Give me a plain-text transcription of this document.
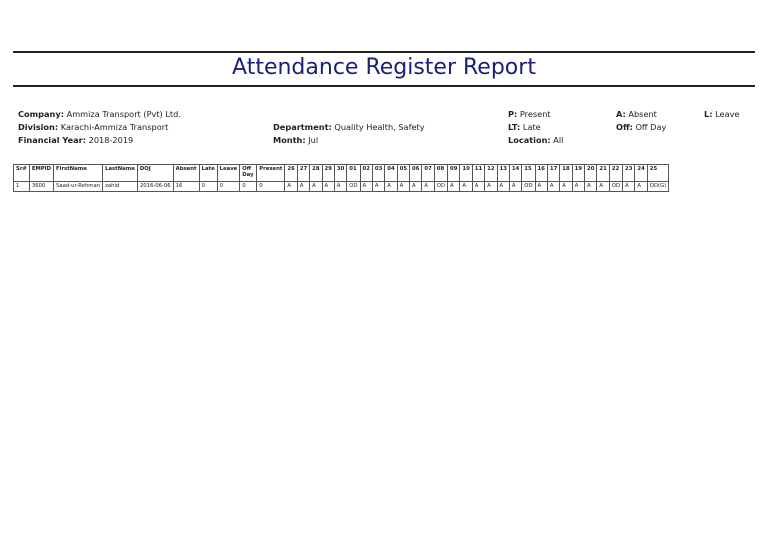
Attendance Register Report
Company: Ammiza Transport (Pvt) Ltd.
Division: Karachi-Ammiza Transport
Financial Year: 2018-2019
Department: Quality Health, Safety
Month: Jul
P: Present	A: Absent	L: Leave
LT: Late	Off: Off Day
Location: All
Sr#	EMPID	FirstName	LastName	DOJ	Absent	Late	Leave	Off Day	Present	26	27	28	29	30	01	02	03	04	05	06	07	08	09	10	11	12	13	14	15	16	17	18	19	20	21	22	23	24	25
1	3600	Saad-ur-Rehman	zahid	2016-06-06	16	0	0	0	0	A	A	A	A	A	OD	A	A	A	A	A	A	OD	A	A	A	A	A	A	OD	A	A	A	A	A	A	OD	A	A	OD(G)
